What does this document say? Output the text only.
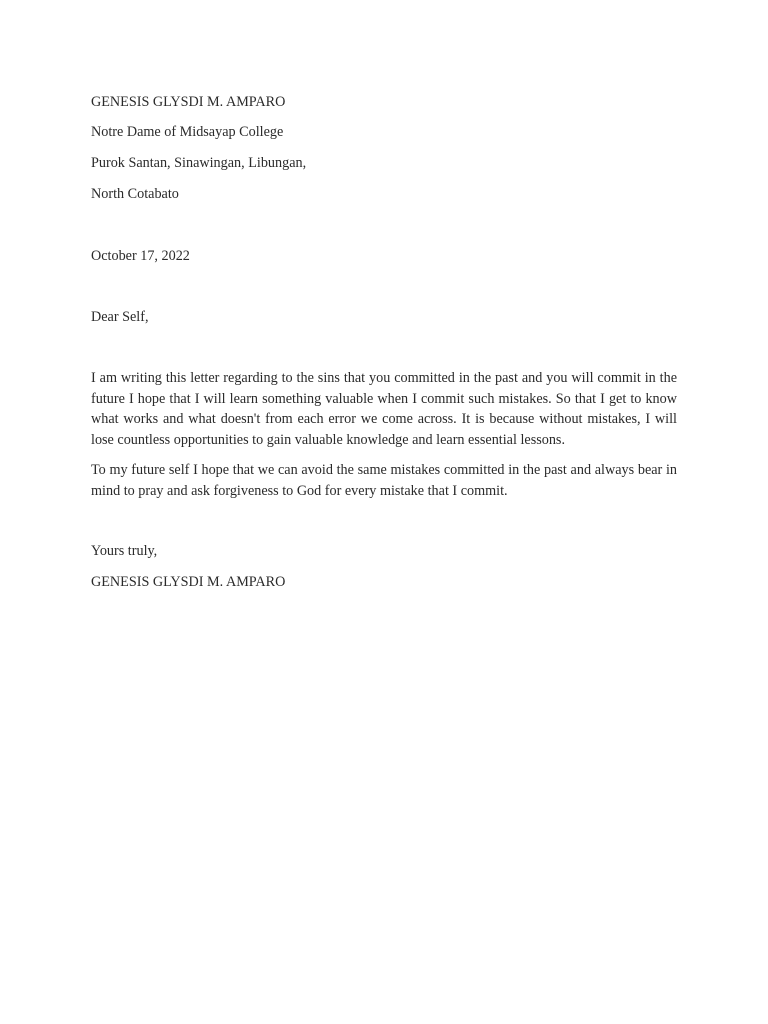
GENESIS GLYSDI M. AMPARO

Notre Dame of Midsayap College

Purok Santan, Sinawingan, Libungan,

North Cotabato

October 17, 2022

Dear Self,

I am writing this letter regarding to the sins that you committed in the past and you will commit in the future I hope that I will learn something valuable when I commit such mistakes. So that I get to know what works and what doesn't from each error we come across. It is because without mistakes, I will lose countless opportunities to gain valuable knowledge and learn essential lessons.

To my future self I hope that we can avoid the same mistakes committed in the past and always bear in mind to pray and ask forgiveness to God for every mistake that I commit.

Yours truly,

GENESIS GLYSDI M. AMPARO
